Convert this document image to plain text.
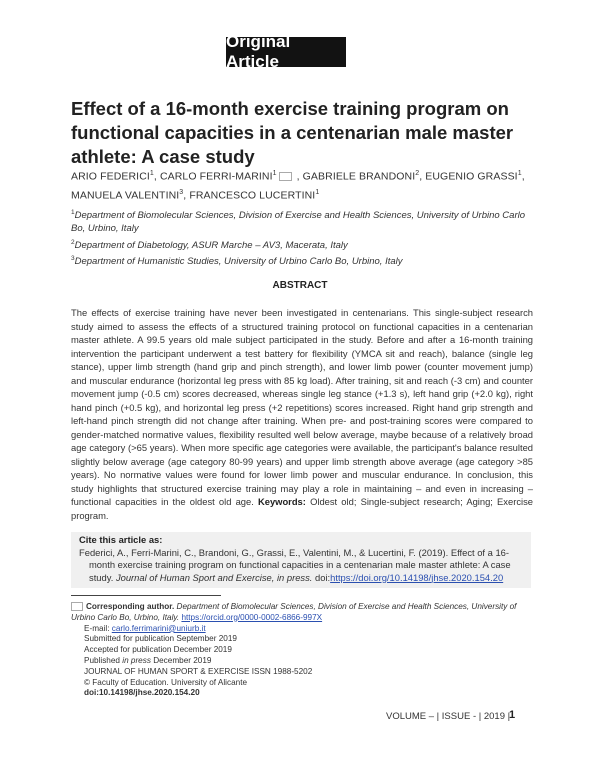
Original Article
Effect of a 16-month exercise training program on functional capacities in a centenarian male master athlete: A case study
ARIO FEDERICI$^1$, CARLO FERRI-MARINI$^1$ , GABRIELE BRANDONI$^2$, EUGENIO GRASSI$^1$, MANUELA VALENTINI$^3$, FRANCESCO LUCERTINI$^1$
$^1$Department of Biomolecular Sciences, Division of Exercise and Health Sciences, University of Urbino Carlo Bo, Urbino, Italy
$^2$Department of Diabetology, ASUR Marche – AV3, Macerata, Italy
$^3$Department of Humanistic Studies, University of Urbino Carlo Bo, Urbino, Italy
ABSTRACT
The effects of exercise training have never been investigated in centenarians. This single-subject research study aimed to assess the effects of a structured training protocol on functional capacities in a centenarian master athlete. A 99.5 years old male subject participated in the study. Before and after a 16-month training intervention the participant underwent a test battery for flexibility (YMCA sit and reach), balance (single leg stance), upper limb strength (hand grip and pinch strength), and lower limb power (counter movement jump) and muscular endurance (horizontal leg press with 85 kg load). After training, sit and reach (-3 cm) and counter movement jump (-0.5 cm) scores decreased, whereas single leg stance (+1.3 s), left hand grip (+2.0 kg), right hand pinch (+0.5 kg), and horizontal leg press (+2 repetitions) scores increased. Right hand grip strength and left-hand pinch strength did not change after training. When pre- and post-training scores were compared to gender-matched normative values, flexibility resulted well below average, maybe because of a relatively broad age category (>65 years). When more specific age categories were available, the participant's balance resulted slightly below average (age category 80-99 years) and upper limb strength above average (age category >85 years). No normative values were found for lower limb power and muscular endurance. In conclusion, this study highlights that structured exercise training may play a role in maintaining – and even in increasing – functional capacities in the oldest old age. Keywords: Oldest old; Single-subject research; Aging; Exercise program.
Cite this article as:
Federici, A., Ferri-Marini, C., Brandoni, G., Grassi, E., Valentini, M., & Lucertini, F. (2019). Effect of a 16-month exercise training program on functional capacities in a centenarian male master athlete: A case study. Journal of Human Sport and Exercise, in press. doi:https://doi.org/10.14198/jhse.2020.154.20
Corresponding author. Department of Biomolecular Sciences, Division of Exercise and Health Sciences, University of Urbino Carlo Bo, Urbino, Italy. https://orcid.org/0000-0002-6866-997X
E-mail: carlo.ferrimarini@uniurb.it
Submitted for publication September 2019
Accepted for publication December 2019
Published in press December 2019
JOURNAL OF HUMAN SPORT & EXERCISE ISSN 1988-5202
© Faculty of Education. University of Alicante
doi:10.14198/jhse.2020.154.20
VOLUME – | ISSUE - | 2019 |
1
